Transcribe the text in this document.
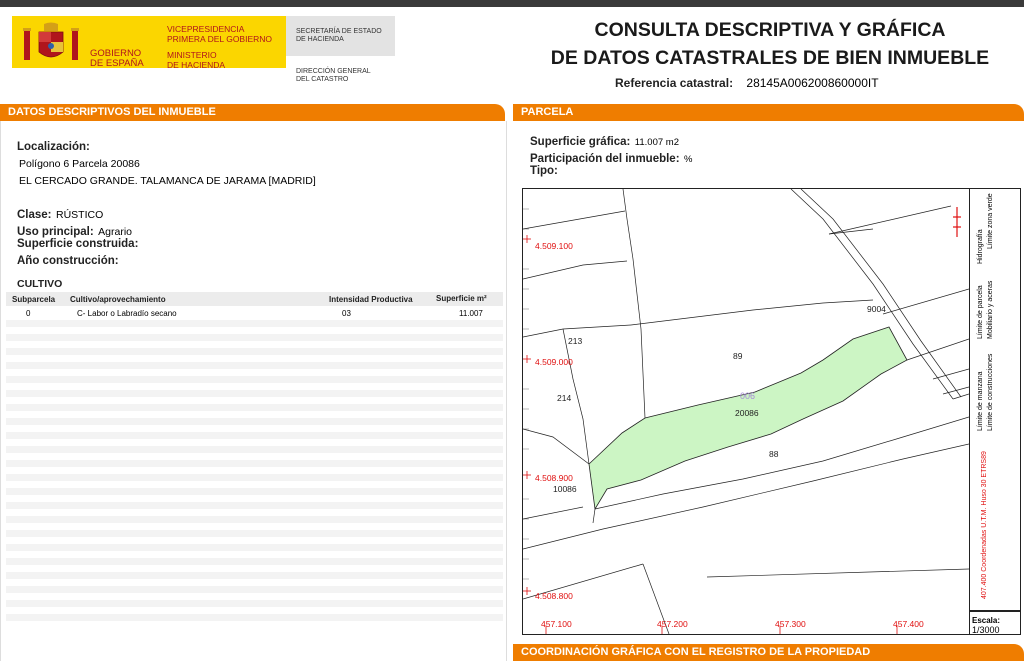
GOBIERNO
DE ESPAÑA
VICEPRESIDENCIA
PRIMERA DEL GOBIERNO
MINISTERIO
DE HACIENDA
SECRETARÍA DE ESTADO
DE HACIENDA
DIRECCIÓN GENERAL
DEL CATASTRO
CONSULTA DESCRIPTIVA Y GRÁFICA
DE DATOS CATASTRALES DE BIEN INMUEBLE
Referencia catastral: 28145A006200860000IT
DATOS DESCRIPTIVOS DEL INMUEBLE
Localización:
Polígono 6 Parcela 20086
EL CERCADO GRANDE. TALAMANCA DE JARAMA [MADRID]
Clase: RÚSTICO
Uso principal: Agrario
Superficie construida:
Año construcción:
CULTIVO
Subparcela Cultivo/aprovechamiento	Intensidad Productiva	Superficie m²
0	C- Labor o Labradío secano	03	11.007
PARCELA
Superficie gráfica: 11.007 m2
Participación del inmueble: %
Tipo:
4.509.100
4.509.000
4.508.900
4.508.800
457.100	457.200	457.300	457.400
9004
213
89
214
20086
88
10086
006
Límite de parcela Mobiliario y aceras
Hidrografía Límite zona verde
Límite de manzana Límite de construcciones
407.400 Coordenadas U.T.M. Huso 30 ETRS89
Escala:
1/3000
COORDINACIÓN GRÁFICA CON EL REGISTRO DE LA PROPIEDAD
